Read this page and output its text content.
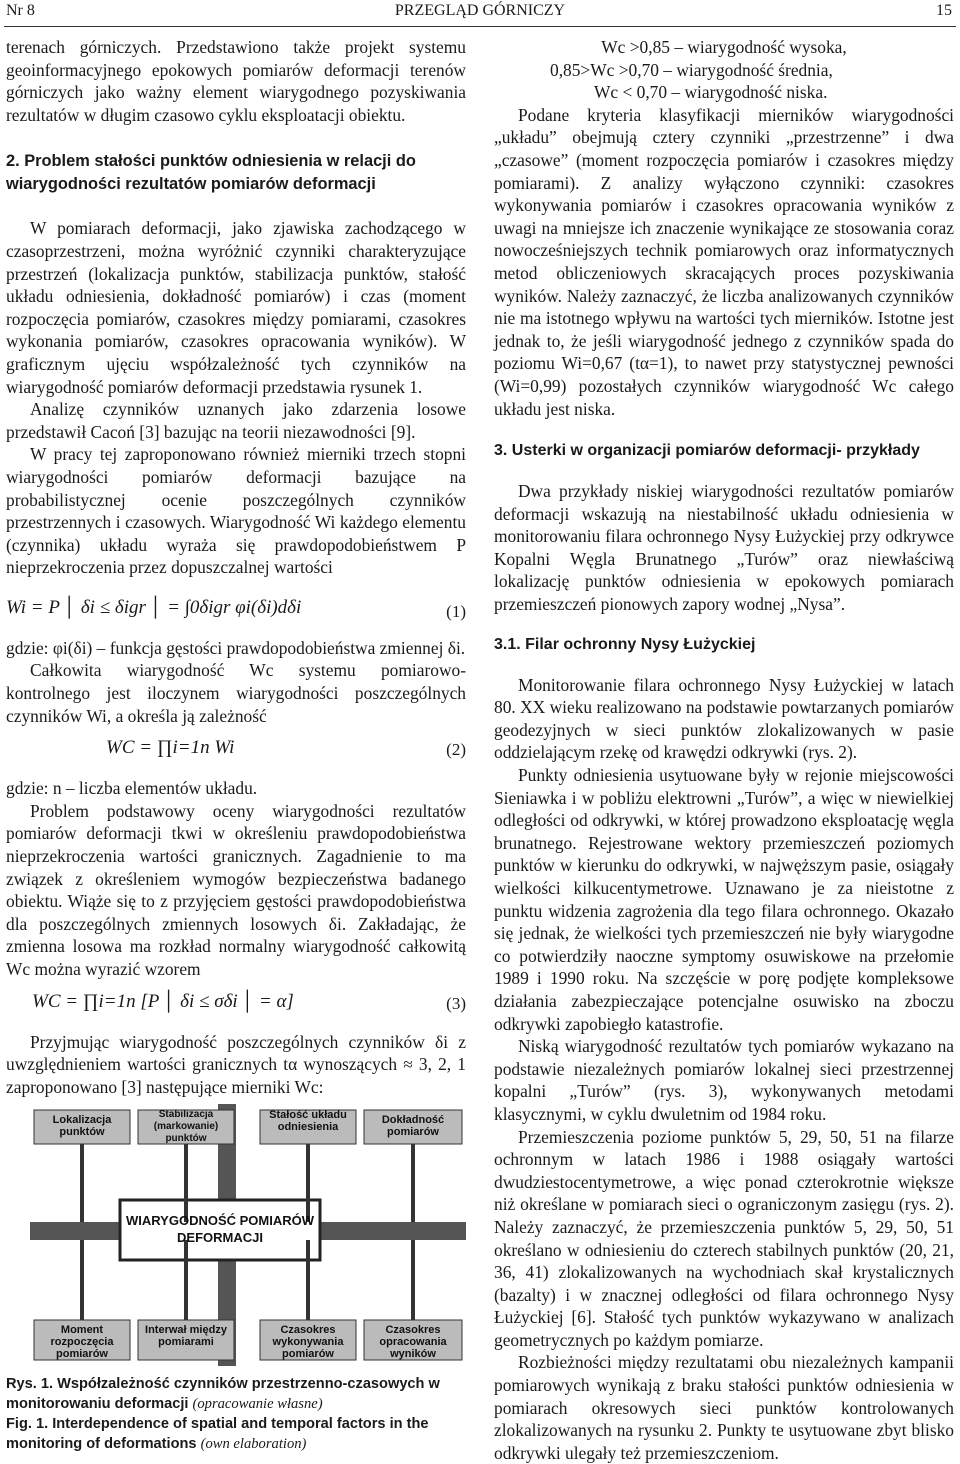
Nr 8	PRZEGLĄD GÓRNICZY	15

terenach górniczych. Przedstawiono także projekt systemu geoinformacyjnego epokowych pomiarów deformacji terenów górniczych jako ważny element wiarygodnego pozyskiwania rezultatów w długim czasowo cyklu eksploatacji obiektu.

2. Problem stałości punktów odniesienia w relacji do wiarygodności rezultatów pomiarów deformacji

W pomiarach deformacji, jako zjawiska zachodzącego w czasoprzestrzeni, można wyróżnić czynniki charakteryzujące przestrzeń (lokalizacja punktów, stabilizacja punktów, stałość układu odniesienia, dokładność pomiarów) i czas (moment rozpoczęcia pomiarów, czasokres między pomiarami, czasokres wykonania pomiarów, czasokres opracowania wyników). W graficznym ujęciu współzależność tych czynników na wiarygodność pomiarów deformacji przedstawia rysunek 1.

Analizę czynników uznanych jako zdarzenia losowe przedstawił Cacoń [3] bazując na teorii niezawodności [9].

W pracy tej zaproponowano również mierniki trzech stopni wiarygodności pomiarów deformacji bazujące na probabilistycznej ocenie poszczególnych czynników przestrzennych i czasowych. Wiarygodność Wi każdego elementu (czynnika) układu wyraża się prawdopodobieństwem P nieprzekroczenia przez dopuszczalnej wartości

Wi = P │ δi ≤ δigr │ = ∫0δigr φi(δi)dδi	(1)

gdzie: φi(δi) – funkcja gęstości prawdopodobieństwa zmiennej δi.

Całkowita wiarygodność Wc systemu pomiarowo-kontrolnego jest iloczynem wiarygodności poszczególnych czynników Wi, a określa ją zależność

WC = ∏i=1n Wi	(2)

gdzie: n – liczba elementów układu.

Problem podstawowy oceny wiarygodności rezultatów pomiarów deformacji tkwi w określeniu prawdopodobieństwa nieprzekroczenia wartości granicznych. Zagadnienie to ma związek z określeniem wymogów bezpieczeństwa badanego obiektu. Wiąże się to z przyjęciem gęstości prawdopodobieństwa dla poszczególnych zmiennych losowych δi. Zakładając, że zmienna losowa ma rozkład normalny wiarygodność całkowitą Wc można wyrazić wzorem

WC = ∏i=1n [P │ δi ≤ σδi │ = α]	(3)

Przyjmując wiarygodność poszczególnych czynników δi z uwzględnieniem wartości granicznych tα wynoszących ≈ 3, 2, 1 zaproponowano [3] następujące mierniki Wc:

Lokalizacja punktów
Stabilizacja (markowanie) punktów
Stałość układu odniesienia
Dokładność pomiarów
WIARYGODNOŚĆ POMIARÓW DEFORMACJI
Moment rozpoczęcia pomiarów
Interwał między pomiarami
Czasokres wykonywania pomiarów
Czasokres opracowania wyników

Rys. 1. Współzależność czynników przestrzenno-czasowych w monitorowaniu deformacji (opracowanie własne)

Fig. 1. Interdependence of spatial and temporal factors in the monitoring of deformations (own elaboration)

Wc >0,85 – wiarygodność wysoka,

0,85>Wc >0,70 – wiarygodność średnia,

Wc < 0,70 – wiarygodność niska.

Podane kryteria klasyfikacji mierników wiarygodności „układu” obejmują cztery czynniki „przestrzenne” i dwa „czasowe” (moment rozpoczęcia pomiarów i czasokres między pomiarami). Z analizy wyłączono czynniki: czasokres wykonywania pomiarów i czasokres opracowania wyników z uwagi na mniejsze ich znaczenie wynikające ze stosowania coraz nowocześniejszych technik pomiarowych oraz informatycznych metod obliczeniowych skracających proces pozyskiwania wyników. Należy zaznaczyć, że liczba analizowanych czynników nie ma istotnego wpływu na wartości tych mierników. Istotne jest jednak to, że jeśli wiarygodność jednego z czynników spada do poziomu Wi=0,67 (tα=1), to nawet przy statystycznej pewności (Wi=0,99) pozostałych czynników wiarygodność Wc całego układu jest niska.

3. Usterki w organizacji pomiarów deformacji- przykłady

Dwa przykłady niskiej wiarygodności rezultatów pomiarów deformacji wskazują na niestabilność układu odniesienia w monitorowaniu filara ochronnego Nysy Łużyckiej przy odkrywce Kopalni Węgla Brunatnego „Turów” oraz niewłaściwą lokalizację punktów odniesienia w epokowych pomiarach przemieszczeń pionowych zapory wodnej „Nysa”.

3.1. Filar ochronny Nysy Łużyckiej

Monitorowanie filara ochronnego Nysy Łużyckiej w latach 80. XX wieku realizowano na podstawie powtarzanych pomiarów geodezyjnych w sieci punktów zlokalizowanych w pasie oddzielającym rzekę od krawędzi odkrywki (rys. 2).

Punkty odniesienia usytuowane były w rejonie miejscowości Sieniawka i w pobliżu elektrowni „Turów”, a więc w niewielkiej odległości od odkrywki, w której prowadzono eksploatację węgla brunatnego. Rejestrowane wektory przemieszczeń poziomych punktów w kierunku do odkrywki, w najwęższym pasie, osiągały wielkości kilkucentymetrowe. Uznawano je za nieistotne z punktu widzenia zagrożenia dla tego filara ochronnego. Okazało się jednak, że wielkości tych przemieszczeń nie były wiarygodne co potwierdziły naoczne symptomy osuwiskowe na przełomie 1989 i 1990 roku. Na szczęście w porę podjęte kompleksowe działania zabezpieczające potencjalne osuwisko na zboczu odkrywki zapobiegło katastrofie.

Niską wiarygodność rezultatów tych pomiarów wykazano na podstawie niezależnych pomiarów lokalnej sieci przestrzennej kopalni „Turów” (rys. 3), wykonywanych metodami klasycznymi, w cyklu dwuletnim od 1984 roku.

Przemieszczenia poziome punktów 5, 29, 50, 51 na filarze ochronnym w latach 1986 i 1988 osiągały wartości dwudziestocentymetrowe, a więc ponad czterokrotnie większe niż określane w pomiarach sieci o ograniczonym zasięgu (rys. 2). Należy zaznaczyć, że przemieszczenia punktów 5, 29, 50, 51 określano w odniesieniu do czterech stabilnych punktów (20, 21, 36, 41) zlokalizowanych na wychodniach skał krystalicznych (bazalty) i w znacznej odległości od filara ochronnego Nysy Łużyckiej [6]. Stałość tych punktów wykazywano w analizach geometrycznych po każdym pomiarze.

Rozbieżności między rezultatami obu niezależnych kampanii pomiarowych wynikają z braku stałości punktów odniesienia w pomiarach okresowych sieci punktów kontrolowanych zlokalizowanych na rysunku 2. Punkty te usytuowane zbyt blisko odkrywki ulegały też przemieszczeniom.
